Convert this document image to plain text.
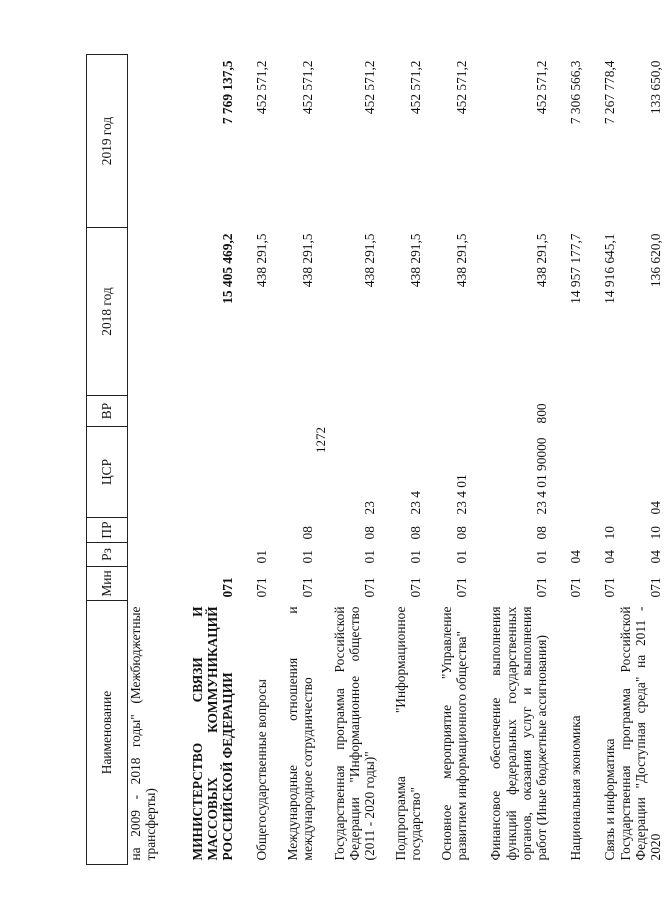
1272
Наименование	Мин	Рз	ПР	ЦСР	ВР	2018 год	2019 год
на 2009 - 2018 годы" (Межбюджетные трансферты)							
МИНИСТЕРСТВО СВЯЗИ И МАССОВЫХ КОММУНИКАЦИЙ РОССИЙСКОЙ ФЕДЕРАЦИИ	071					15 405 469,2	7 769 137,5
Общегосударственные вопросы	071	01				438 291,5	452 571,2
Международные отношения и международное сотрудничество	071	01	08			438 291,5	452 571,2
Государственная программа Российской Федерации "Информационное общество (2011 - 2020 годы)"	071	01	08	23		438 291,5	452 571,2
Подпрограмма "Информационное государство"	071	01	08	23 4		438 291,5	452 571,2
Основное мероприятие "Управление развитием информационного общества"	071	01	08	23 4 01		438 291,5	452 571,2
Финансовое обеспечение выполнения функций федеральных государственных органов, оказания услуг и выполнения работ (Иные бюджетные ассигнования)	071	01	08	23 4 01 90000	800	438 291,5	452 571,2
Национальная экономика	071	04				14 957 177,7	7 306 566,3
Связь и информатика	071	04	10			14 916 645,1	7 267 778,4
Государственная программа Российской Федерации "Доступная среда" на 2011 - 2020	071	04	10	04		136 620,0	133 650,0
